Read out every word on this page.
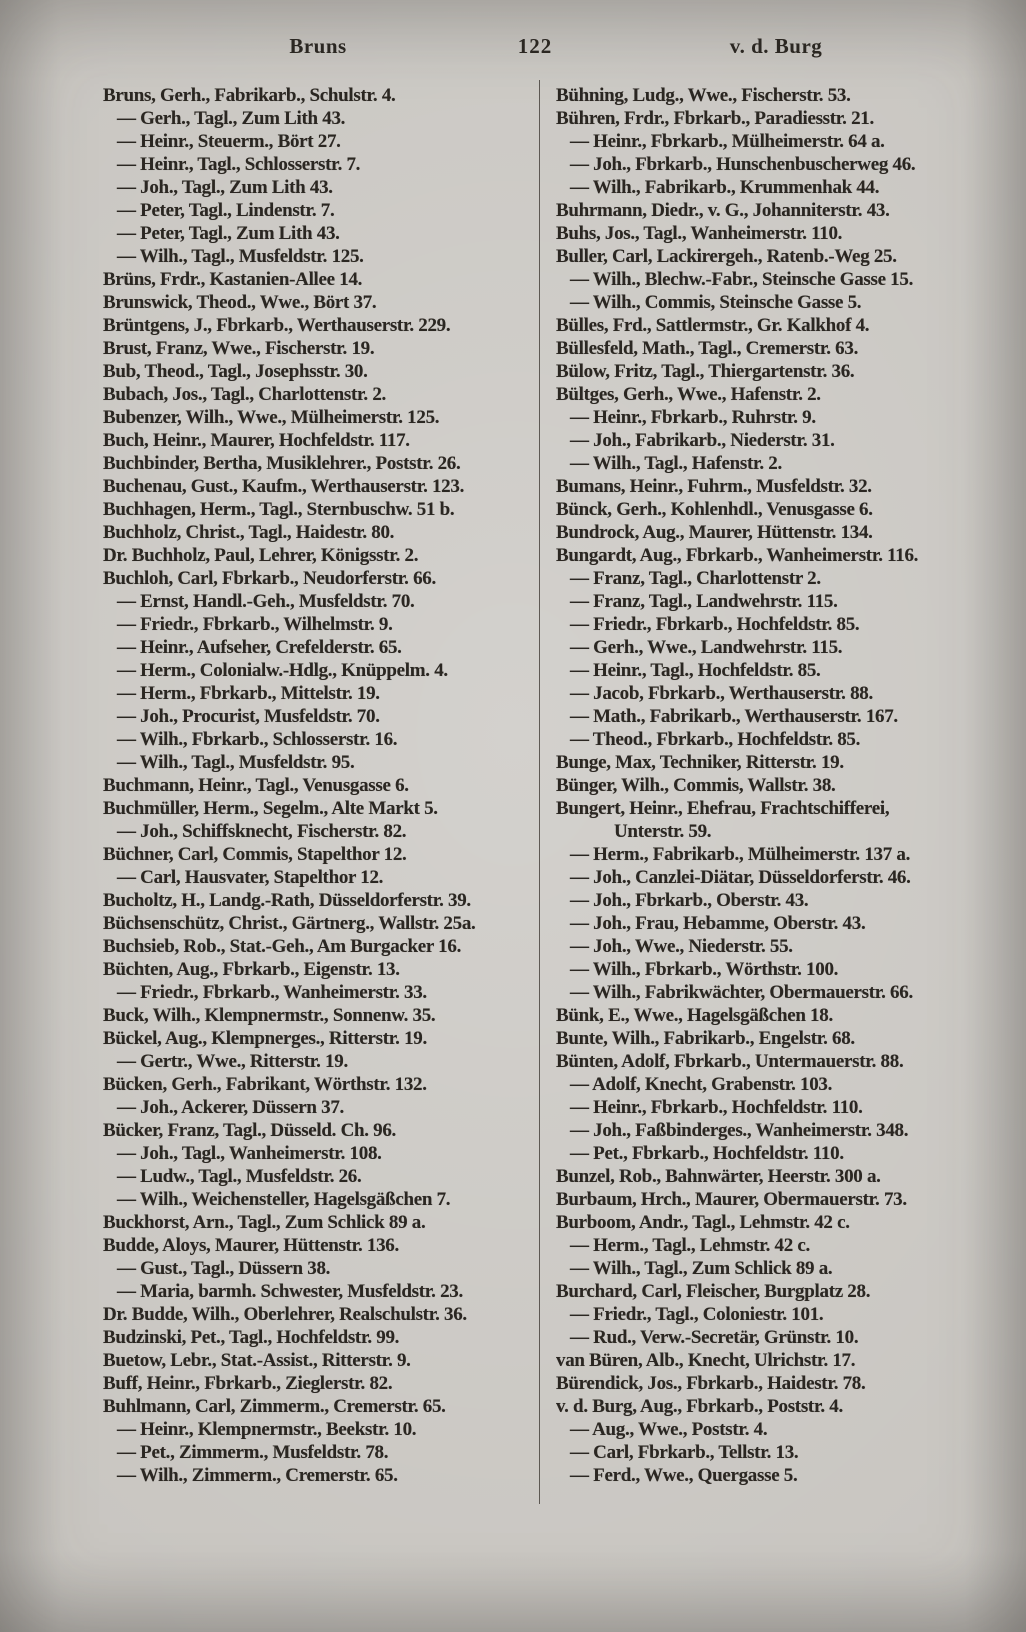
Bruns	122	v. d. Burg
Bruns, Gerh., Fabrikarb., Schulstr. 4.
— Gerh., Tagl., Zum Lith 43.
— Heinr., Steuerm., Bört 27.
— Heinr., Tagl., Schlosserstr. 7.
— Joh., Tagl., Zum Lith 43.
— Peter, Tagl., Lindenstr. 7.
— Peter, Tagl., Zum Lith 43.
— Wilh., Tagl., Musfeldstr. 125.
Brüns, Frdr., Kastanien-Allee 14.
Brunswick, Theod., Wwe., Bört 37.
Brüntgens, J., Fbrkarb., Werthauserstr. 229.
Brust, Franz, Wwe., Fischerstr. 19.
Bub, Theod., Tagl., Josephsstr. 30.
Bubach, Jos., Tagl., Charlottenstr. 2.
Bubenzer, Wilh., Wwe., Mülheimerstr. 125.
Buch, Heinr., Maurer, Hochfeldstr. 117.
Buchbinder, Bertha, Musiklehrer., Poststr. 26.
Buchenau, Gust., Kaufm., Werthauserstr. 123.
Buchhagen, Herm., Tagl., Sternbuschw. 51 b.
Buchholz, Christ., Tagl., Haidestr. 80.
Dr. Buchholz, Paul, Lehrer, Königsstr. 2.
Buchloh, Carl, Fbrkarb., Neudorferstr. 66.
— Ernst, Handl.-Geh., Musfeldstr. 70.
— Friedr., Fbrkarb., Wilhelmstr. 9.
— Heinr., Aufseher, Crefelderstr. 65.
— Herm., Colonialw.-Hdlg., Knüppelm. 4.
— Herm., Fbrkarb., Mittelstr. 19.
— Joh., Procurist, Musfeldstr. 70.
— Wilh., Fbrkarb., Schlosserstr. 16.
— Wilh., Tagl., Musfeldstr. 95.
Buchmann, Heinr., Tagl., Venusgasse 6.
Buchmüller, Herm., Segelm., Alte Markt 5.
— Joh., Schiffsknecht, Fischerstr. 82.
Büchner, Carl, Commis, Stapelthor 12.
— Carl, Hausvater, Stapelthor 12.
Bucholtz, H., Landg.-Rath, Düsseldorferstr. 39.
Büchsenschütz, Christ., Gärtnerg., Wallstr. 25a.
Buchsieb, Rob., Stat.-Geh., Am Burgacker 16.
Büchten, Aug., Fbrkarb., Eigenstr. 13.
— Friedr., Fbrkarb., Wanheimerstr. 33.
Buck, Wilh., Klempnermstr., Sonnenw. 35.
Bückel, Aug., Klempnerges., Ritterstr. 19.
— Gertr., Wwe., Ritterstr. 19.
Bücken, Gerh., Fabrikant, Wörthstr. 132.
— Joh., Ackerer, Düssern 37.
Bücker, Franz, Tagl., Düsseld. Ch. 96.
— Joh., Tagl., Wanheimerstr. 108.
— Ludw., Tagl., Musfeldstr. 26.
— Wilh., Weichensteller, Hagelsgäßchen 7.
Buckhorst, Arn., Tagl., Zum Schlick 89 a.
Budde, Aloys, Maurer, Hüttenstr. 136.
— Gust., Tagl., Düssern 38.
— Maria, barmh. Schwester, Musfeldstr. 23.
Dr. Budde, Wilh., Oberlehrer, Realschulstr. 36.
Budzinski, Pet., Tagl., Hochfeldstr. 99.
Buetow, Lebr., Stat.-Assist., Ritterstr. 9.
Buff, Heinr., Fbrkarb., Zieglerstr. 82.
Buhlmann, Carl, Zimmerm., Cremerstr. 65.
— Heinr., Klempnermstr., Beekstr. 10.
— Pet., Zimmerm., Musfeldstr. 78.
— Wilh., Zimmerm., Cremerstr. 65.
Bühning, Ludg., Wwe., Fischerstr. 53.
Bühren, Frdr., Fbrkarb., Paradiesstr. 21.
— Heinr., Fbrkarb., Mülheimerstr. 64 a.
— Joh., Fbrkarb., Hunschenbuscherweg 46.
— Wilh., Fabrikarb., Krummenhak 44.
Buhrmann, Diedr., v. G., Johanniterstr. 43.
Buhs, Jos., Tagl., Wanheimerstr. 110.
Buller, Carl, Lackirergeh., Ratenb.-Weg 25.
— Wilh., Blechw.-Fabr., Steinsche Gasse 15.
— Wilh., Commis, Steinsche Gasse 5.
Bülles, Frd., Sattlermstr., Gr. Kalkhof 4.
Büllesfeld, Math., Tagl., Cremerstr. 63.
Bülow, Fritz, Tagl., Thiergartenstr. 36.
Bültges, Gerh., Wwe., Hafenstr. 2.
— Heinr., Fbrkarb., Ruhrstr. 9.
— Joh., Fabrikarb., Niederstr. 31.
— Wilh., Tagl., Hafenstr. 2.
Bumans, Heinr., Fuhrm., Musfeldstr. 32.
Bünck, Gerh., Kohlenhdl., Venusgasse 6.
Bundrock, Aug., Maurer, Hüttenstr. 134.
Bungardt, Aug., Fbrkarb., Wanheimerstr. 116.
— Franz, Tagl., Charlottenstr 2.
— Franz, Tagl., Landwehrstr. 115.
— Friedr., Fbrkarb., Hochfeldstr. 85.
— Gerh., Wwe., Landwehrstr. 115.
— Heinr., Tagl., Hochfeldstr. 85.
— Jacob, Fbrkarb., Werthauserstr. 88.
— Math., Fabrikarb., Werthauserstr. 167.
— Theod., Fbrkarb., Hochfeldstr. 85.
Bunge, Max, Techniker, Ritterstr. 19.
Bünger, Wilh., Commis, Wallstr. 38.
Bungert, Heinr., Ehefrau, Frachtschifferei,
Unterstr. 59.
— Herm., Fabrikarb., Mülheimerstr. 137 a.
— Joh., Canzlei-Diätar, Düsseldorferstr. 46.
— Joh., Fbrkarb., Oberstr. 43.
— Joh., Frau, Hebamme, Oberstr. 43.
— Joh., Wwe., Niederstr. 55.
— Wilh., Fbrkarb., Wörthstr. 100.
— Wilh., Fabrikwächter, Obermauerstr. 66.
Bünk, E., Wwe., Hagelsgäßchen 18.
Bunte, Wilh., Fabrikarb., Engelstr. 68.
Bünten, Adolf, Fbrkarb., Untermauerstr. 88.
— Adolf, Knecht, Grabenstr. 103.
— Heinr., Fbrkarb., Hochfeldstr. 110.
— Joh., Faßbinderges., Wanheimerstr. 348.
— Pet., Fbrkarb., Hochfeldstr. 110.
Bunzel, Rob., Bahnwärter, Heerstr. 300 a.
Burbaum, Hrch., Maurer, Obermauerstr. 73.
Burboom, Andr., Tagl., Lehmstr. 42 c.
— Herm., Tagl., Lehmstr. 42 c.
— Wilh., Tagl., Zum Schlick 89 a.
Burchard, Carl, Fleischer, Burgplatz 28.
— Friedr., Tagl., Coloniestr. 101.
— Rud., Verw.-Secretär, Grünstr. 10.
van Büren, Alb., Knecht, Ulrichstr. 17.
Bürendick, Jos., Fbrkarb., Haidestr. 78.
v. d. Burg, Aug., Fbrkarb., Poststr. 4.
— Aug., Wwe., Poststr. 4.
— Carl, Fbrkarb., Tellstr. 13.
— Ferd., Wwe., Quergasse 5.
